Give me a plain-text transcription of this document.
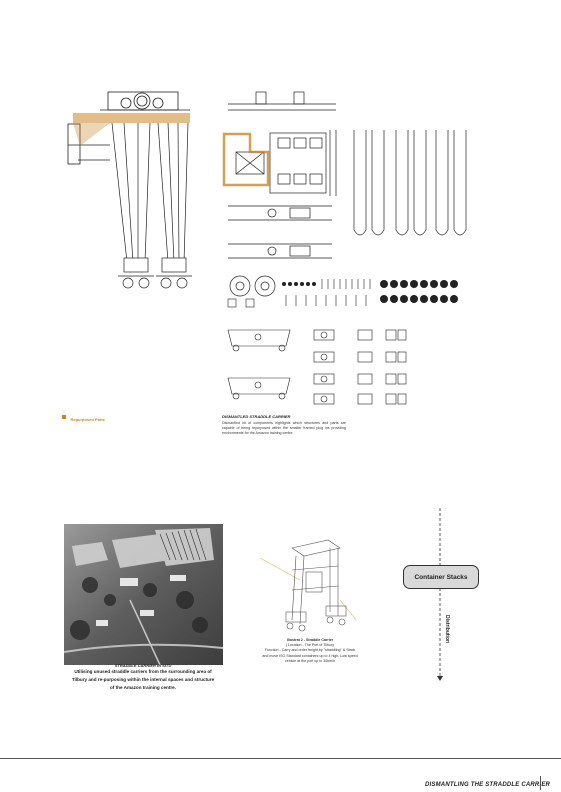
Repurposed Parts
DISMANTLED STRADDLE CARRIER
Dismantled kit of components highlights which structures and parts are capable of being repurposed within the smaller framed plug ins providing environments for the Amazon training centre
STRADDLE CARRIER IN SITU
Utilising unused straddle carriers from the surrounding area of
Tilbury and re-purposing within the internal spaces and structure
of the Amazon training centre.
Illustrat 2 - Straddle Carrier
| Location - The Port of Tilbury
Function - Carry and order freight by "straddling" & Stack
and move ISO Standard containers up to 4 high. Low speed
vehicle at the port up to 30km/h
Container Stacks
Distribution
DISMANTLING THE STRADDLE CARRIER
